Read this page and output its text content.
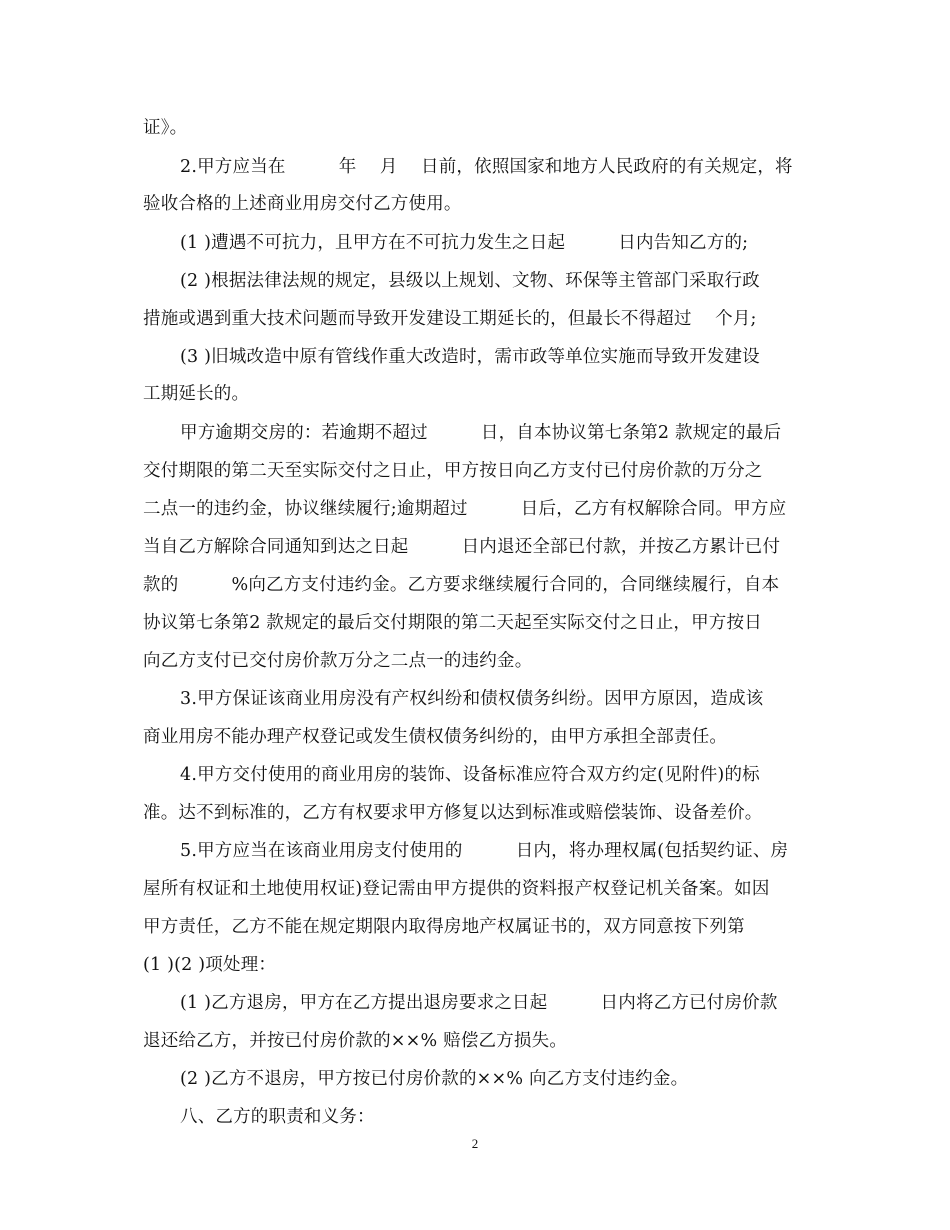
证》。
2.甲方应当在　　　年　 月　 日前，依照国家和地方人民政府的有关规定，将
验收合格的上述商业用房交付乙方使用。
(1 )遭遇不可抗力，且甲方在不可抗力发生之日起　　　日内告知乙方的;
(2 )根据法律法规的规定，县级以上规划、文物、环保等主管部门采取行政
措施或遇到重大技术问题而导致开发建设工期延长的，但最长不得超过　 个月;
(3 )旧城改造中原有管线作重大改造时，需市政等单位实施而导致开发建设
工期延长的。
甲方逾期交房的：若逾期不超过　　　日，自本协议第七条第2 款规定的最后
交付期限的第二天至实际交付之日止，甲方按日向乙方支付已付房价款的万分之
二点一的违约金，协议继续履行;逾期超过　　　日后，乙方有权解除合同。甲方应
当自乙方解除合同通知到达之日起　　　日内退还全部已付款，并按乙方累计已付
款的　　　%向乙方支付违约金。乙方要求继续履行合同的，合同继续履行，自本
协议第七条第2 款规定的最后交付期限的第二天起至实际交付之日止，甲方按日
向乙方支付已交付房价款万分之二点一的违约金。
3.甲方保证该商业用房没有产权纠纷和债权债务纠纷。因甲方原因，造成该
商业用房不能办理产权登记或发生债权债务纠纷的，由甲方承担全部责任。
4.甲方交付使用的商业用房的装饰、设备标准应符合双方约定(见附件)的标
准。达不到标准的，乙方有权要求甲方修复以达到标准或赔偿装饰、设备差价。
5.甲方应当在该商业用房支付使用的　　　日内，将办理权属(包括契约证、房
屋所有权证和土地使用权证)登记需由甲方提供的资料报产权登记机关备案。如因
甲方责任，乙方不能在规定期限内取得房地产权属证书的，双方同意按下列第
(1 )(2 )项处理：
(1 )乙方退房，甲方在乙方提出退房要求之日起　　　日内将乙方已付房价款
退还给乙方，并按已付房价款的××% 赔偿乙方损失。
(2 )乙方不退房，甲方按已付房价款的××% 向乙方支付违约金。
八、乙方的职责和义务：
2
